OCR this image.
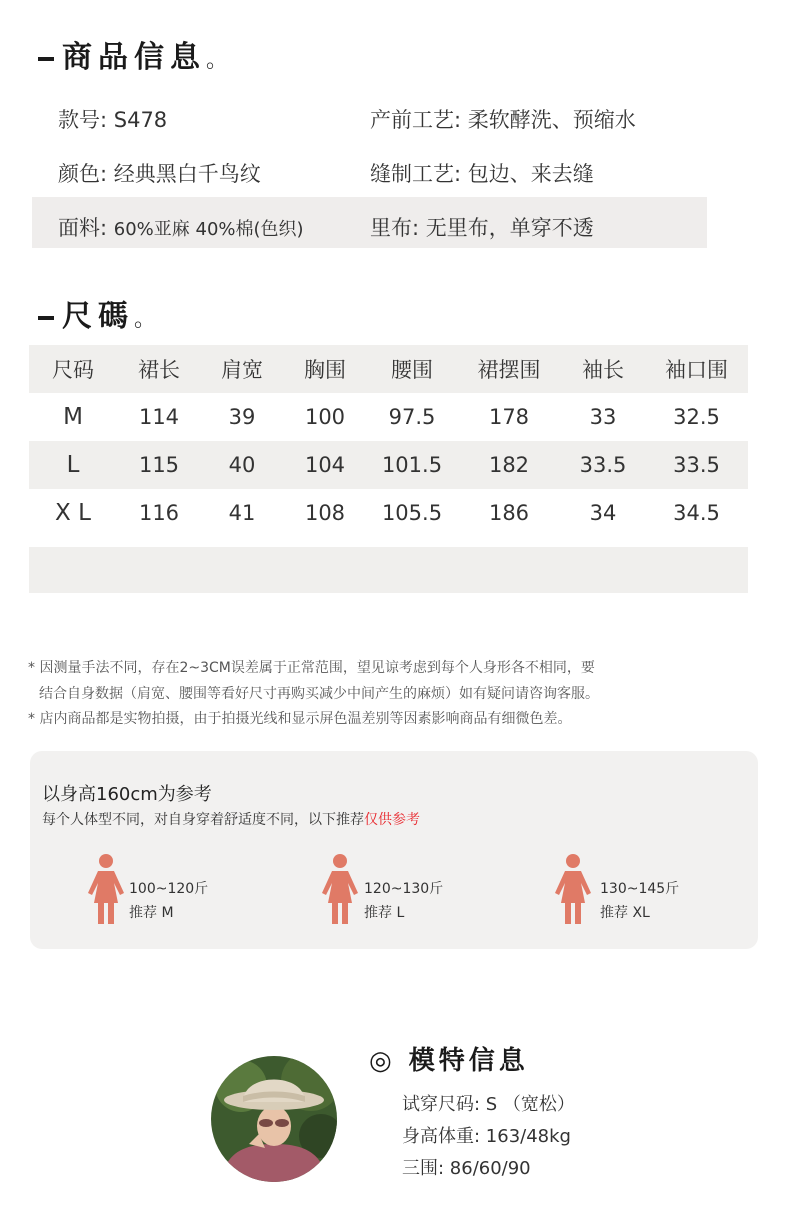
商品信息。
款号: S478	产前工艺: 柔软酵洗、预缩水
颜色: 经典黑白千鸟纹	缝制工艺: 包边、来去缝
面料: 60%亚麻 40%棉(色织)	里布: 无里布，单穿不透
尺碼。
尺码	裙长	肩宽	胸围	腰围	裙摆围	袖长	袖口围
M	114	39	100	97.5	178	33	32.5
L	115	40	104	101.5	182	33.5	33.5
X L	116	41	108	105.5	186	34	34.5

* 因测量手法不同，存在2~3CM误差属于正常范围，望见谅考虑到每个人身形各不相同，要
结合自身数据（肩宽、腰围等看好尺寸再购买减少中间产生的麻烦）如有疑问请咨询客服。
* 店内商品都是实物拍摄，由于拍摄光线和显示屏色温差别等因素影响商品有细微色差。
以身高160cm为参考
每个人体型不同，对自身穿着舒适度不同，以下推荐仅供参考
100~120斤
推荐 M
120~130斤
推荐 L
130~145斤
推荐 XL
◎ 模特信息
试穿尺码: S （宽松）
身高体重: 163/48kg
三围: 86/60/90
